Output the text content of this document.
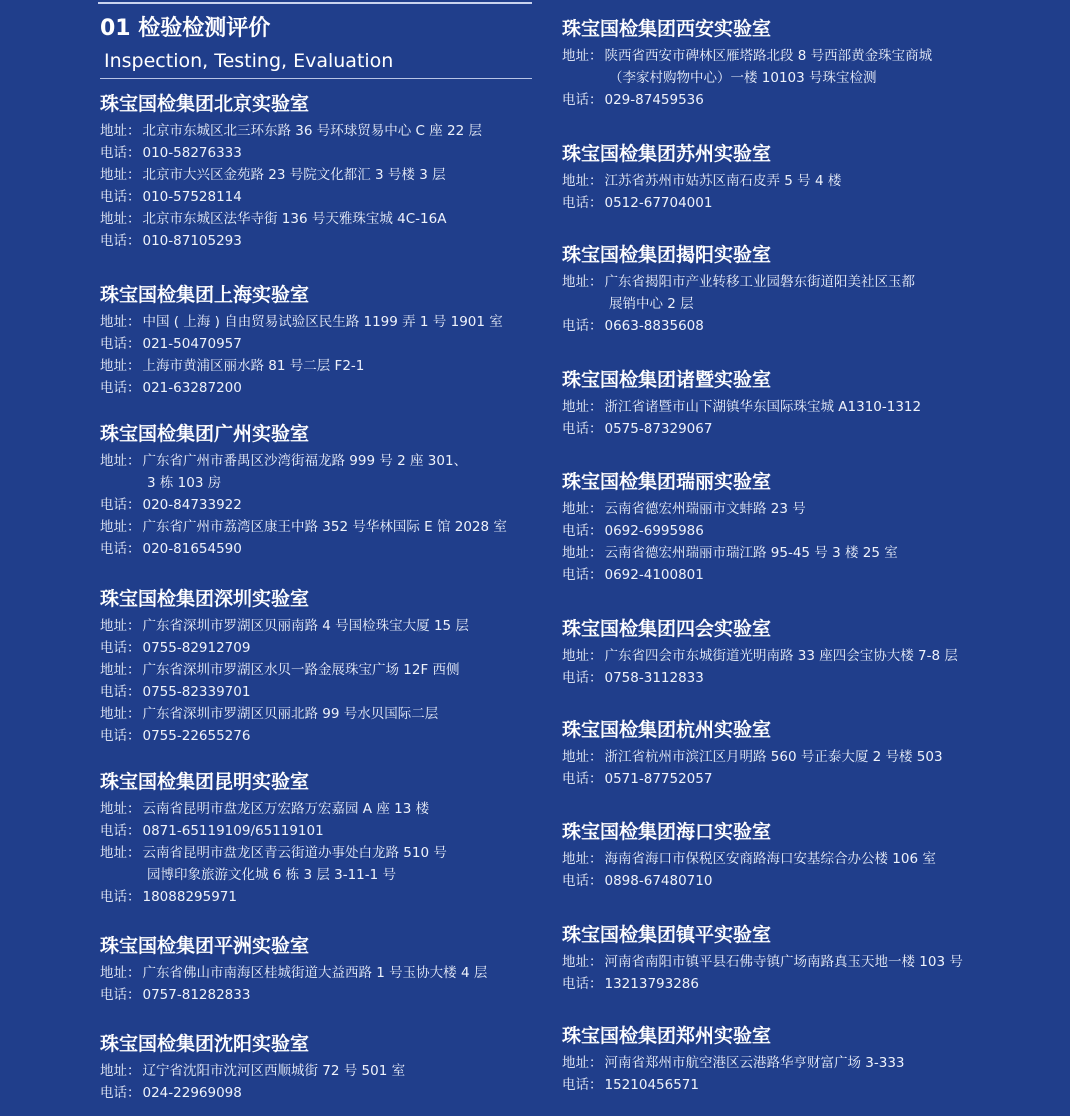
01 检验检测评价
Inspection, Testing, Evaluation
珠宝国检集团北京实验室
地址： 北京市东城区北三环东路 36 号环球贸易中心 C 座 22 层
电话： 010-58276333
地址： 北京市大兴区金苑路 23 号院文化都汇 3 号楼 3 层
电话： 010-57528114
地址： 北京市东城区法华寺街 136 号天雅珠宝城 4C-16A
电话： 010-87105293
珠宝国检集团上海实验室
地址： 中国 ( 上海 ) 自由贸易试验区民生路 1199 弄 1 号 1901 室
电话： 021-50470957
地址： 上海市黄浦区丽水路 81 号二层 F2-1
电话： 021-63287200
珠宝国检集团广州实验室
地址： 广东省广州市番禺区沙湾街福龙路 999 号 2 座 301、
3 栋 103 房
电话： 020-84733922
地址： 广东省广州市荔湾区康王中路 352 号华林国际 E 馆 2028 室
电话： 020-81654590
珠宝国检集团深圳实验室
地址： 广东省深圳市罗湖区贝丽南路 4 号国检珠宝大厦 15 层
电话： 0755-82912709
地址： 广东省深圳市罗湖区水贝一路金展珠宝广场 12F 西侧
电话： 0755-82339701
地址： 广东省深圳市罗湖区贝丽北路 99 号水贝国际二层
电话： 0755-22655276
珠宝国检集团昆明实验室
地址： 云南省昆明市盘龙区万宏路万宏嘉园 A 座 13 楼
电话： 0871-65119109/65119101
地址： 云南省昆明市盘龙区青云街道办事处白龙路 510 号
园博印象旅游文化城 6 栋 3 层 3-11-1 号
电话： 18088295971
珠宝国检集团平洲实验室
地址： 广东省佛山市南海区桂城街道大益西路 1 号玉协大楼 4 层
电话： 0757-81282833
珠宝国检集团沈阳实验室
地址： 辽宁省沈阳市沈河区西顺城街 72 号 501 室
电话： 024-22969098
珠宝国检集团西安实验室
地址： 陕西省西安市碑林区雁塔路北段 8 号西部黄金珠宝商城
（李家村购物中心）一楼 10103 号珠宝检测
电话： 029-87459536
珠宝国检集团苏州实验室
地址： 江苏省苏州市姑苏区南石皮弄 5 号 4 楼
电话： 0512-67704001
珠宝国检集团揭阳实验室
地址： 广东省揭阳市产业转移工业园磐东街道阳美社区玉都
展销中心 2 层
电话： 0663-8835608
珠宝国检集团诸暨实验室
地址： 浙江省诸暨市山下湖镇华东国际珠宝城 A1310-1312
电话： 0575-87329067
珠宝国检集团瑞丽实验室
地址： 云南省德宏州瑞丽市文蚌路 23 号
电话： 0692-6995986
地址： 云南省德宏州瑞丽市瑞江路 95-45 号 3 楼 25 室
电话： 0692-4100801
珠宝国检集团四会实验室
地址： 广东省四会市东城街道光明南路 33 座四会宝协大楼 7-8 层
电话： 0758-3112833
珠宝国检集团杭州实验室
地址： 浙江省杭州市滨江区月明路 560 号正泰大厦 2 号楼 503
电话： 0571-87752057
珠宝国检集团海口实验室
地址： 海南省海口市保税区安商路海口安基综合办公楼 106 室
电话： 0898-67480710
珠宝国检集团镇平实验室
地址： 河南省南阳市镇平县石佛寺镇广场南路真玉天地一楼 103 号
电话： 13213793286
珠宝国检集团郑州实验室
地址： 河南省郑州市航空港区云港路华亨财富广场 3-333
电话： 15210456571
